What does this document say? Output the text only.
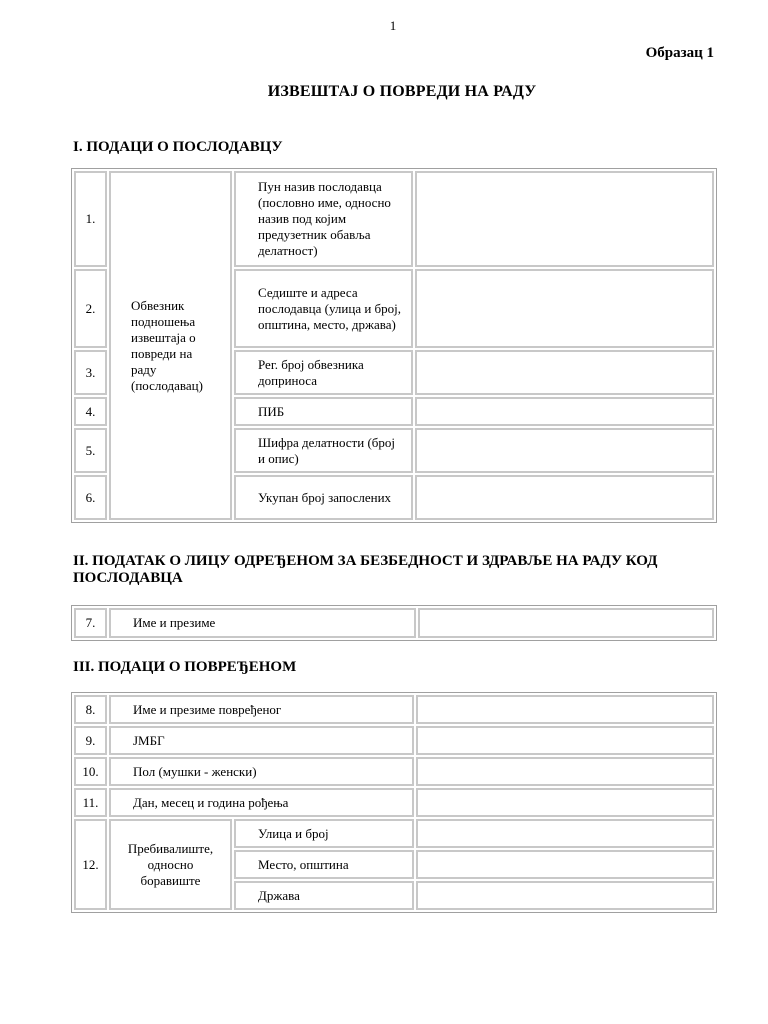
1
Образац 1
ИЗВЕШТАЈ О ПОВРЕДИ НА РАДУ
I. ПОДАЦИ О ПОСЛОДАВЦУ
1.	Обвезник подношења извештаја о повреди на раду (послодавац)	Пун назив послодавца (пословно име, односно назив под којим предузетник обавља делатност)	
2.		Седиште и адреса послодавца (улица и број, општина, место, држава)	
3.		Рег. број обвезника доприноса	
4.		ПИБ	
5.		Шифра делатности (број и опис)	
6.		Укупан број запослених	
II. ПОДАТАК О ЛИЦУ ОДРЕЂЕНОМ ЗА БЕЗБЕДНОСТ И ЗДРАВЉЕ НА РАДУ КОД ПОСЛОДАВЦА
7.	Име и презиме	
III. ПОДАЦИ О ПОВРЕЂЕНОМ
8.	Име и презиме повређеног		
9.	ЈМБГ		
10.	Пол (мушки - женски)		
11.	Дан, месец и година рођења		
12.	Пребивалиште, односно боравиште	Улица и број	
		Место, општина	
		Држава	
